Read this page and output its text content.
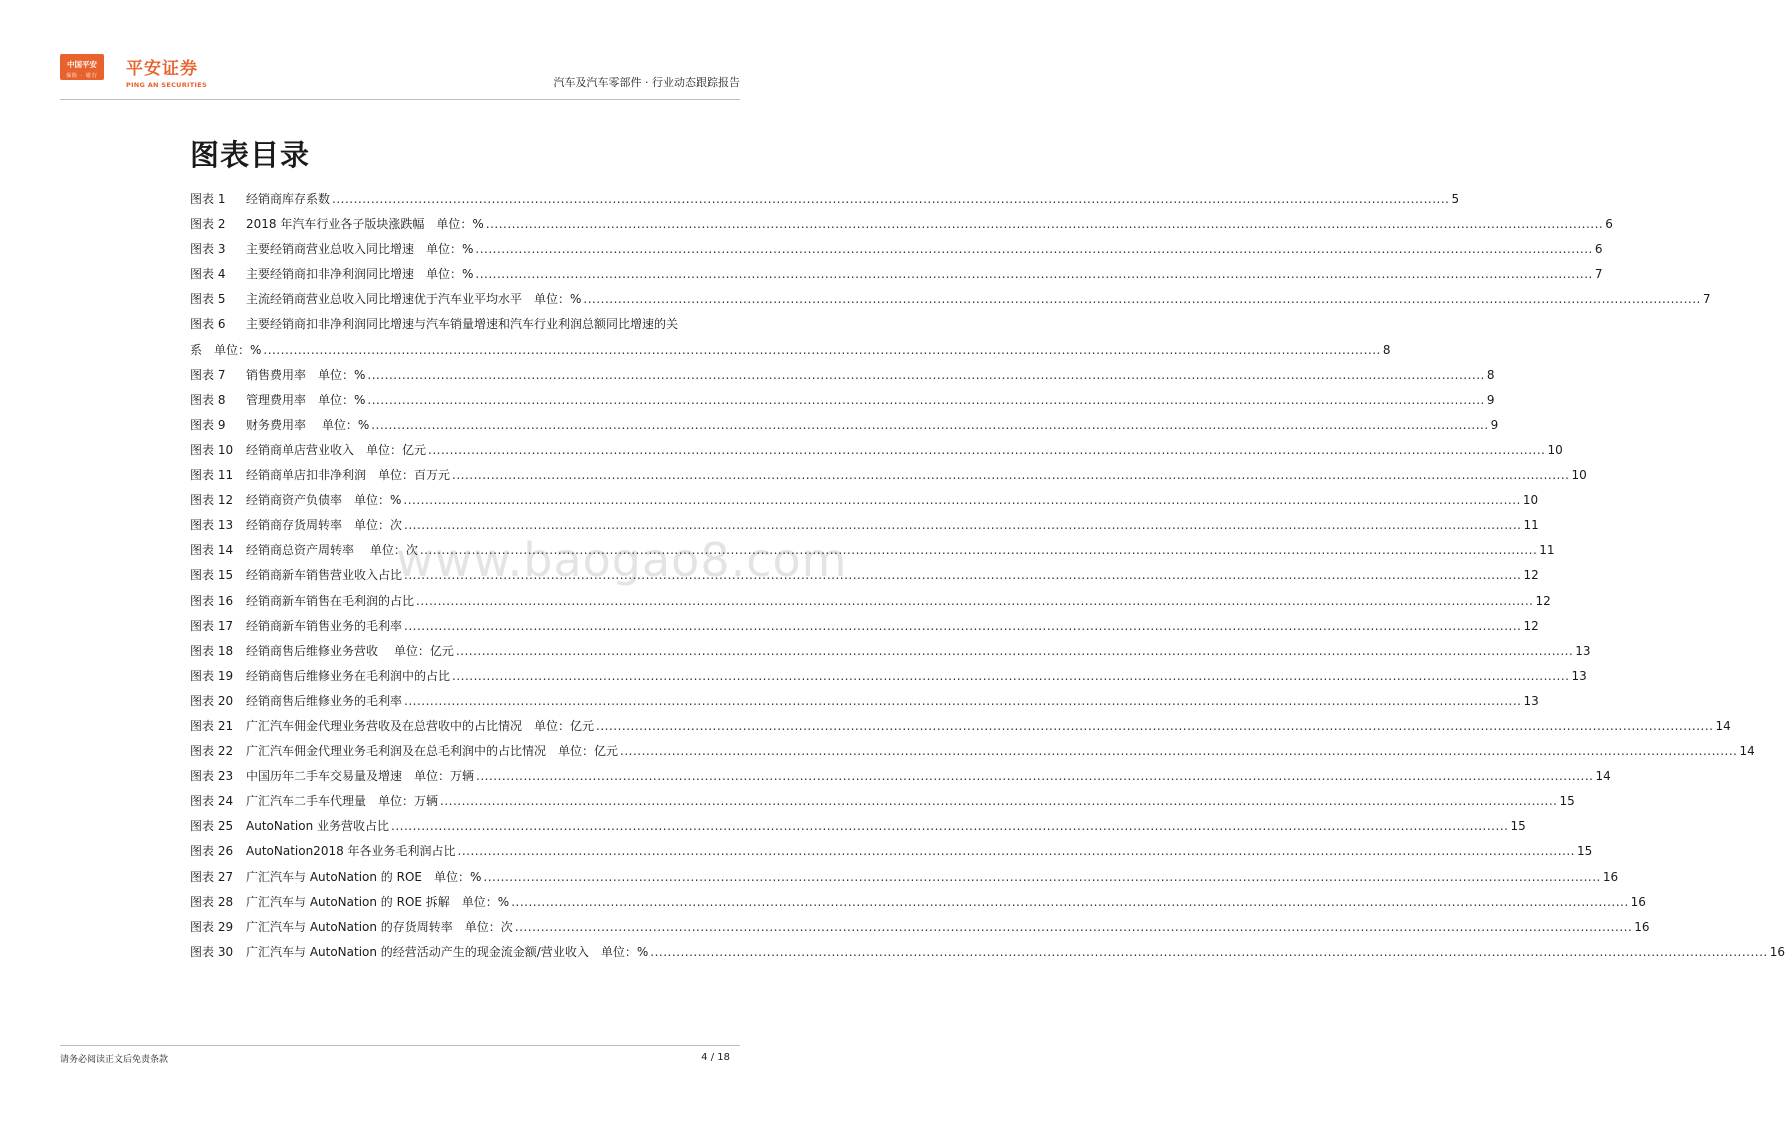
中国平安
保险 · 银行	平安证券
PING AN SECURITIES	汽车及汽车零部件 · 行业动态跟踪报告
图表目录
www.baogao8.com
图表 1	经销商库存系数 .....	5
图表 2	2018 年汽车行业各子版块涨跌幅　单位：% .....	6
图表 3	主要经销商营业总收入同比增速　单位：% .....	6
图表 4	主要经销商扣非净利润同比增速　单位：% .....	7
图表 5	主流经销商营业总收入同比增速优于汽车业平均水平　单位：% .....	7
图表 6	主要经销商扣非净利润同比增速与汽车销量增速和汽车行业利润总额同比增速的关
系　单位：% .....	8
图表 7	销售费用率　单位：% .....	8
图表 8	管理费用率　单位：% .....	9
图表 9	财务费用率　 单位：% .....	9
图表 10	经销商单店营业收入　单位：亿元 .....	10
图表 11	经销商单店扣非净利润　单位：百万元 .....	10
图表 12	经销商资产负债率　单位：% .....	10
图表 13	经销商存货周转率　单位：次 .....	11
图表 14	经销商总资产周转率　 单位：次 .....	11
图表 15	经销商新车销售营业收入占比 .....	12
图表 16	经销商新车销售在毛利润的占比 .....	12
图表 17	经销商新车销售业务的毛利率 .....	12
图表 18	经销商售后维修业务营收　 单位：亿元 .....	13
图表 19	经销商售后维修业务在毛利润中的占比 .....	13
图表 20	经销商售后维修业务的毛利率 .....	13
图表 21	广汇汽车佣金代理业务营收及在总营收中的占比情况　单位：亿元 .....	14
图表 22	广汇汽车佣金代理业务毛利润及在总毛利润中的占比情况　单位：亿元 .....	14
图表 23	中国历年二手车交易量及增速　单位：万辆 .....	14
图表 24	广汇汽车二手车代理量　单位：万辆 .....	15
图表 25	AutoNation 业务营收占比 .....	15
图表 26	AutoNation2018 年各业务毛利润占比 .....	15
图表 27	广汇汽车与 AutoNation 的 ROE　单位：% .....	16
图表 28	广汇汽车与 AutoNation 的 ROE 拆解　单位：% .....	16
图表 29	广汇汽车与 AutoNation 的存货周转率　单位：次 .....	16
图表 30	广汇汽车与 AutoNation 的经营活动产生的现金流金额/营业收入　单位：% .....	16
请务必阅读正文后免责条款	4 / 18
